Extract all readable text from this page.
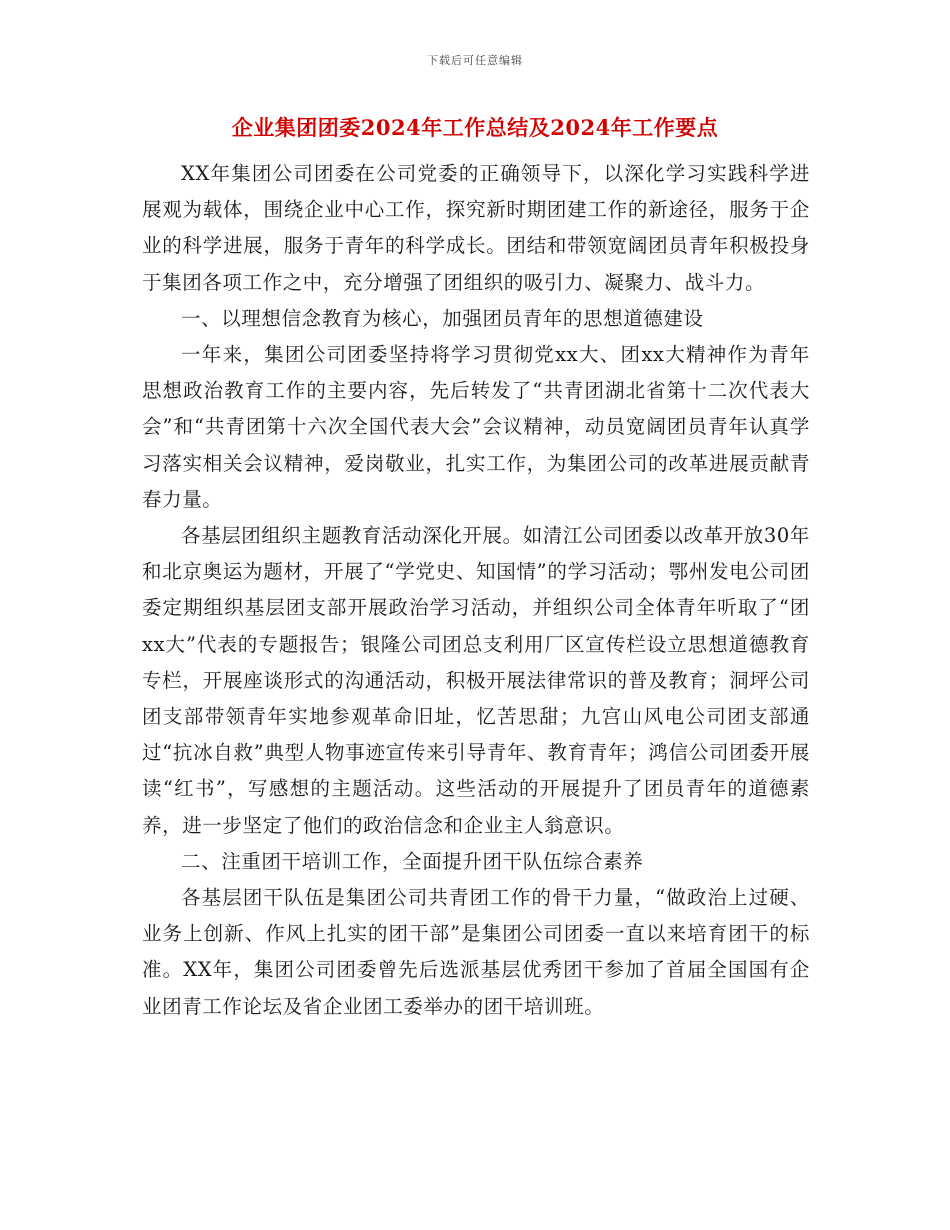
下载后可任意编辑
企业集团团委2024年工作总结及2024年工作要点

XX年集团公司团委在公司党委的正确领导下，以深化学习实践科学进展观为载体，围绕企业中心工作，探究新时期团建工作的新途径，服务于企业的科学进展，服务于青年的科学成长。团结和带领宽阔团员青年积极投身于集团各项工作之中，充分增强了团组织的吸引力、凝聚力、战斗力。

一、以理想信念教育为核心，加强团员青年的思想道德建设

一年来，集团公司团委坚持将学习贯彻党xx大、团xx大精神作为青年思想政治教育工作的主要内容，先后转发了“共青团湖北省第十二次代表大会”和“共青团第十六次全国代表大会”会议精神，动员宽阔团员青年认真学习落实相关会议精神，爱岗敬业，扎实工作，为集团公司的改革进展贡献青春力量。

各基层团组织主题教育活动深化开展。如清江公司团委以改革开放30年和北京奥运为题材，开展了“学党史、知国情”的学习活动；鄂州发电公司团委定期组织基层团支部开展政治学习活动，并组织公司全体青年听取了“团xx大”代表的专题报告；银隆公司团总支利用厂区宣传栏设立思想道德教育专栏，开展座谈形式的沟通活动，积极开展法律常识的普及教育；洞坪公司团支部带领青年实地参观革命旧址，忆苦思甜；九宫山风电公司团支部通过“抗冰自救”典型人物事迹宣传来引导青年、教育青年；鸿信公司团委开展读“红书”，写感想的主题活动。这些活动的开展提升了团员青年的道德素养，进一步坚定了他们的政治信念和企业主人翁意识。

二、注重团干培训工作，全面提升团干队伍综合素养

各基层团干队伍是集团公司共青团工作的骨干力量，“做政治上过硬、业务上创新、作风上扎实的团干部”是集团公司团委一直以来培育团干的标准。XX年，集团公司团委曾先后选派基层优秀团干参加了首届全国国有企业团青工作论坛及省企业团工委举办的团干培训班。
